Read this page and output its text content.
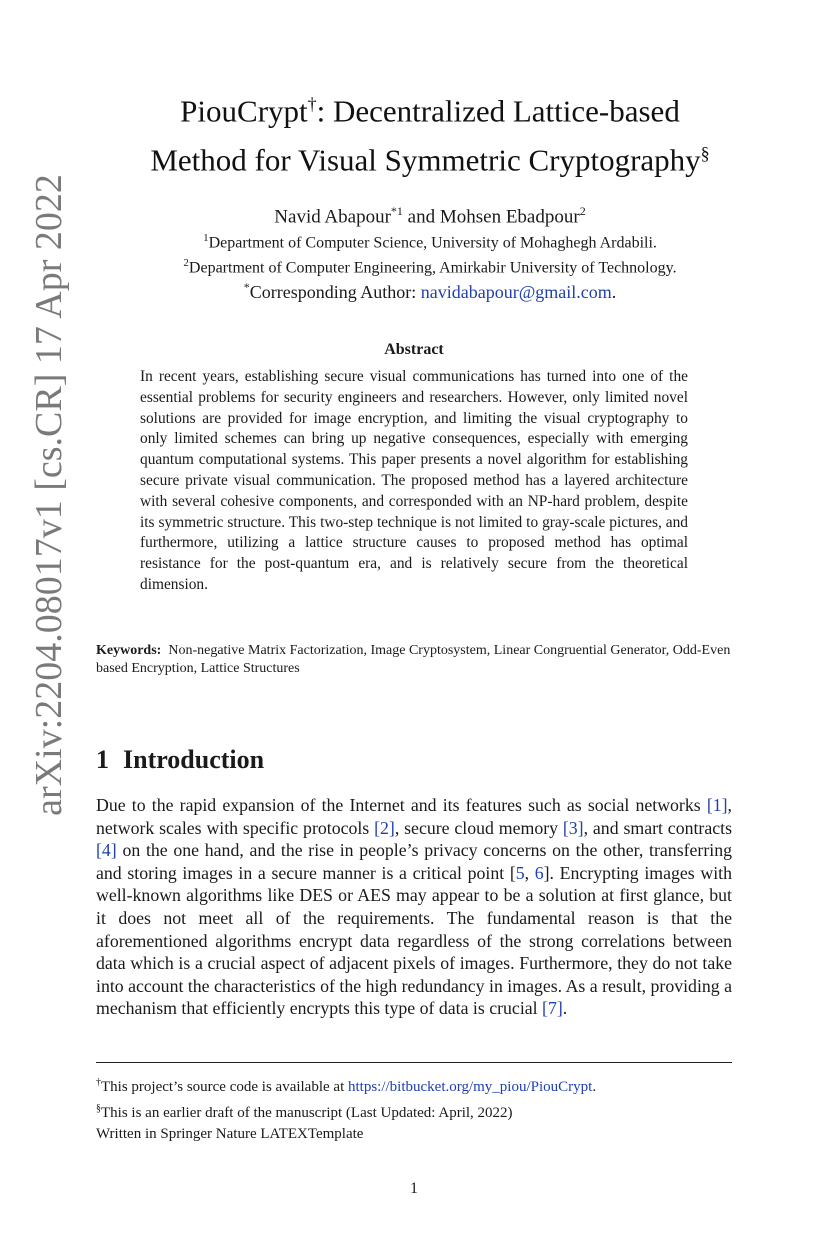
arXiv:2204.08017v1 [cs.CR] 17 Apr 2022
PiouCrypt†: Decentralized Lattice-based
Method for Visual Symmetric Cryptography§
Navid Abapour$^{*1}$ and Mohsen Ebadpour$^2$
$^1$Department of Computer Science, University of Mohaghegh Ardabili.
$^2$Department of Computer Engineering, Amirkabir University of Technology.
*Corresponding Author: navidabapour@gmail.com.
Abstract
In recent years, establishing secure visual communications has turned into one of the essential problems for security engineers and researchers. However, only limited novel solutions are provided for image encryption, and limiting the visual cryptography to only limited schemes can bring up negative consequences, especially with emerging quantum computational systems. This paper presents a novel algorithm for establishing secure private visual communication. The proposed method has a layered architecture with several cohesive components, and corresponded with an NP-hard problem, despite its symmetric structure. This two-step technique is not limited to gray-scale pictures, and furthermore, utilizing a lattice structure causes to proposed method has optimal resistance for the post-quantum era, and is relatively secure from the theoretical dimension.
Keywords: Non-negative Matrix Factorization, Image Cryptosystem, Linear Congruential Generator, Odd-Even based Encryption, Lattice Structures
1 Introduction
Due to the rapid expansion of the Internet and its features such as social networks [1], network scales with specific protocols [2], secure cloud memory [3], and smart contracts [4] on the one hand, and the rise in people’s privacy concerns on the other, transferring and storing images in a secure manner is a critical point [5, 6]. Encrypting images with well-known algorithms like DES or AES may appear to be a solution at first glance, but it does not meet all of the requirements. The fundamental reason is that the aforementioned algorithms encrypt data regardless of the strong correlations between data which is a crucial aspect of adjacent pixels of images. Furthermore, they do not take into account the characteristics of the high redundancy in images. As a result, providing a mechanism that efficiently encrypts this type of data is crucial [7].
†This project’s source code is available at https://bitbucket.org/my_piou/PiouCrypt.
§This is an earlier draft of the manuscript (Last Updated: April, 2022)
Written in Springer Nature LATEXTemplate
1
